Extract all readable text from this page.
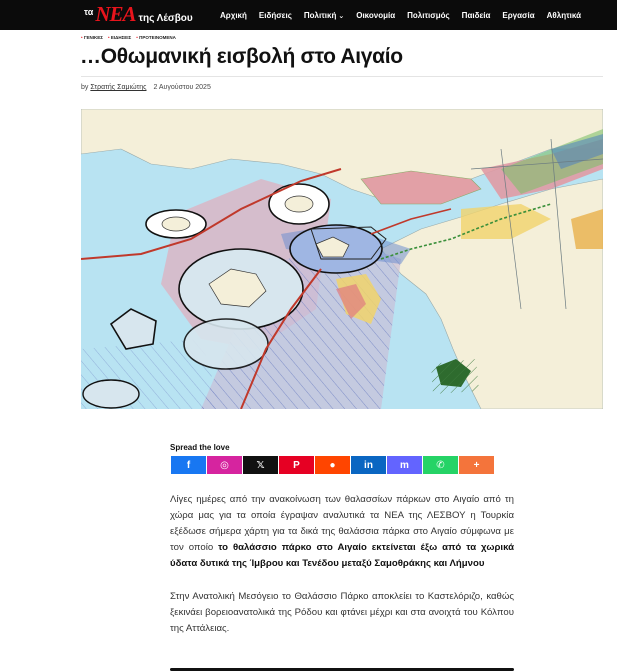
τα ΝΕΑ της Λέσβου	Αρχική Ειδήσεις Πολιτική ⌄ Οικονομία Πολιτισμός Παιδεία Εργασία Αθλητικά
• ΓΕΝΙΚΕΣ • ΕΙΔΗΣΕΙΣ • ΠΡΟΤΕΙΝΟΜΕΝΑ
…Οθωμανική εισβολή στο Αιγαίο
by Στρατής Σαμιώτης 2 Αυγούστου 2025
Spread the love
f	◎	𝕏	P	●	in	m	✆	+

Λίγες ημέρες από την ανακοίνωση των θαλασσίων πάρκων στο Αιγαίο από τη χώρα μας για τα οποία έγραψαν αναλυτικά τα ΝΕΑ της ΛΕΣΒΟΥ η Τουρκία εξέδωσε σήμερα χάρτη για τα δικά της θαλάσσια πάρκα στο Αιγαίο σύμφωνα με τον οποίο το θαλάσσιο πάρκο στο Αιγαίο εκτείνεται έξω από τα χωρικά ύδατα δυτικά της Ίμβρου και Τενέδου μεταξύ Σαμοθράκης και Λήμνου

Στην Ανατολική Μεσόγειο το Θαλάσσιο Πάρκο αποκλείει το Καστελόριζο, καθώς ξεκινάει βορειοανατολικά της Ρόδου και φτάνει μέχρι και στα ανοιχτά του Κόλπου της Αττάλειας.
